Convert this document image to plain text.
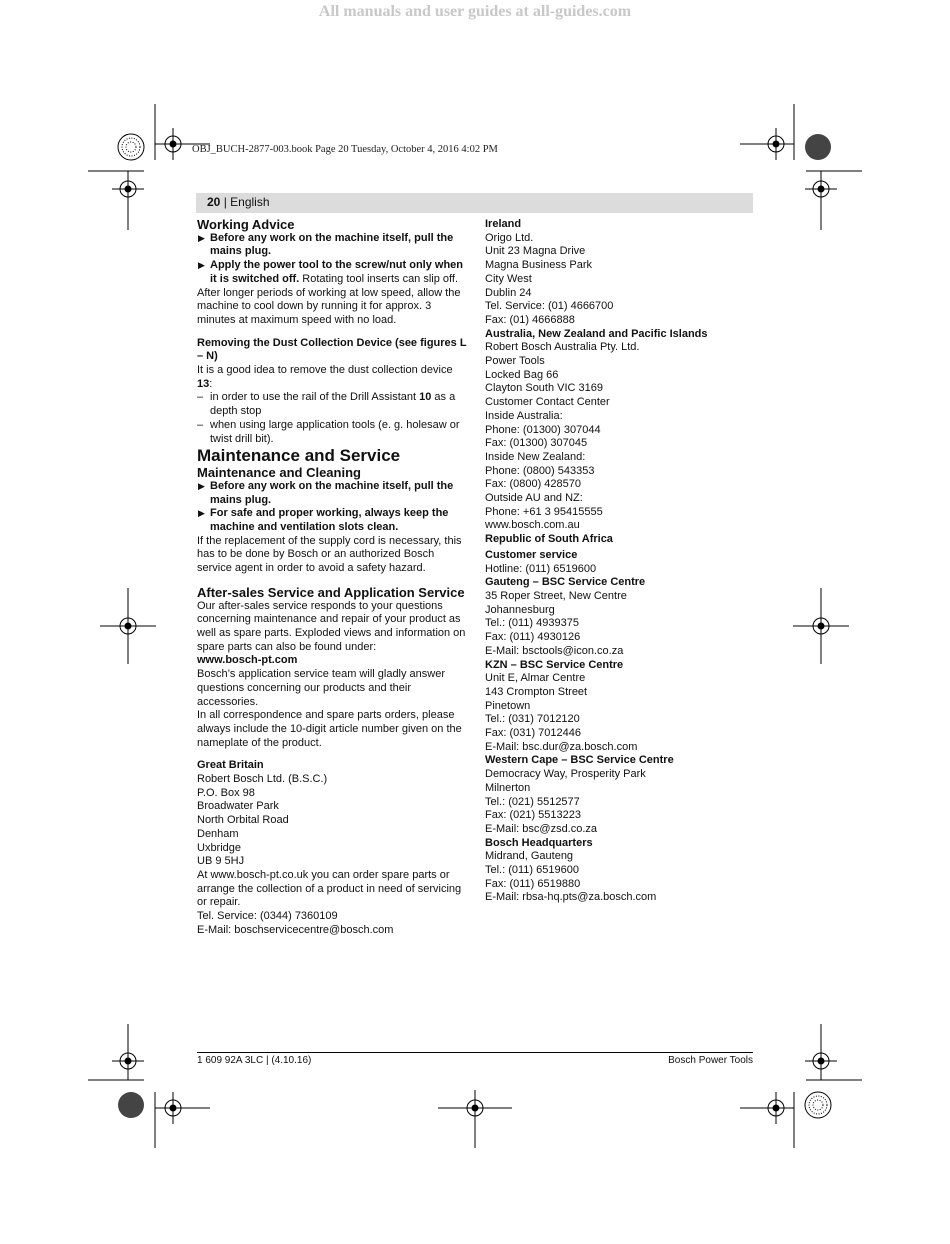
All manuals and user guides at all-guides.com
OBJ_BUCH-2877-003.book Page 20 Tuesday, October 4, 2016 4:02 PM
20 | English

Working Advice

▶ Before any work on the machine itself, pull the mains plug.

▶ Apply the power tool to the screw/nut only when it is switched off. Rotating tool inserts can slip off.

After longer periods of working at low speed, allow the machine to cool down by running it for approx. 3 minutes at maximum speed with no load.

Removing the Dust Collection Device (see figures L – N)

It is a good idea to remove the dust collection device 13:

– in order to use the rail of the Drill Assistant 10 as a depth stop

– when using large application tools (e. g. holesaw or twist drill bit).

Maintenance and Service

Maintenance and Cleaning

▶ Before any work on the machine itself, pull the mains plug.

▶ For safe and proper working, always keep the machine and ventilation slots clean.

If the replacement of the supply cord is necessary, this has to be done by Bosch or an authorized Bosch service agent in order to avoid a safety hazard.

After-sales Service and Application Service

Our after-sales service responds to your questions concerning maintenance and repair of your product as well as spare parts. Exploded views and information on spare parts can also be found under:

www.bosch-pt.com

Bosch’s application service team will gladly answer questions concerning our products and their accessories.

In all correspondence and spare parts orders, please always include the 10-digit article number given on the nameplate of the product.

Great Britain

Robert Bosch Ltd. (B.S.C.)

P.O. Box 98

Broadwater Park

North Orbital Road

Denham

Uxbridge

UB 9 5HJ

At www.bosch-pt.co.uk you can order spare parts or arrange the collection of a product in need of servicing or repair.

Tel. Service: (0344) 7360109

E-Mail: boschservicecentre@bosch.com

Ireland

Origo Ltd.

Unit 23 Magna Drive

Magna Business Park

City West

Dublin 24

Tel. Service: (01) 4666700

Fax: (01) 4666888

Australia, New Zealand and Pacific Islands

Robert Bosch Australia Pty. Ltd.

Power Tools

Locked Bag 66

Clayton South VIC 3169

Customer Contact Center

Inside Australia:

Phone: (01300) 307044

Fax: (01300) 307045

Inside New Zealand:

Phone: (0800) 543353

Fax: (0800) 428570

Outside AU and NZ:

Phone: +61 3 95415555

www.bosch.com.au

Republic of South Africa

Customer service

Hotline: (011) 6519600

Gauteng – BSC Service Centre

35 Roper Street, New Centre

Johannesburg

Tel.: (011) 4939375

Fax: (011) 4930126

E-Mail: bsctools@icon.co.za

KZN – BSC Service Centre

Unit E, Almar Centre

143 Crompton Street

Pinetown

Tel.: (031) 7012120

Fax: (031) 7012446

E-Mail: bsc.dur@za.bosch.com

Western Cape – BSC Service Centre

Democracy Way, Prosperity Park

Milnerton

Tel.: (021) 5512577

Fax: (021) 5513223

E-Mail: bsc@zsd.co.za

Bosch Headquarters

Midrand, Gauteng

Tel.: (011) 6519600

Fax: (011) 6519880

E-Mail: rbsa-hq.pts@za.bosch.com

1 609 92A 3LC | (4.10.16)	Bosch Power Tools
